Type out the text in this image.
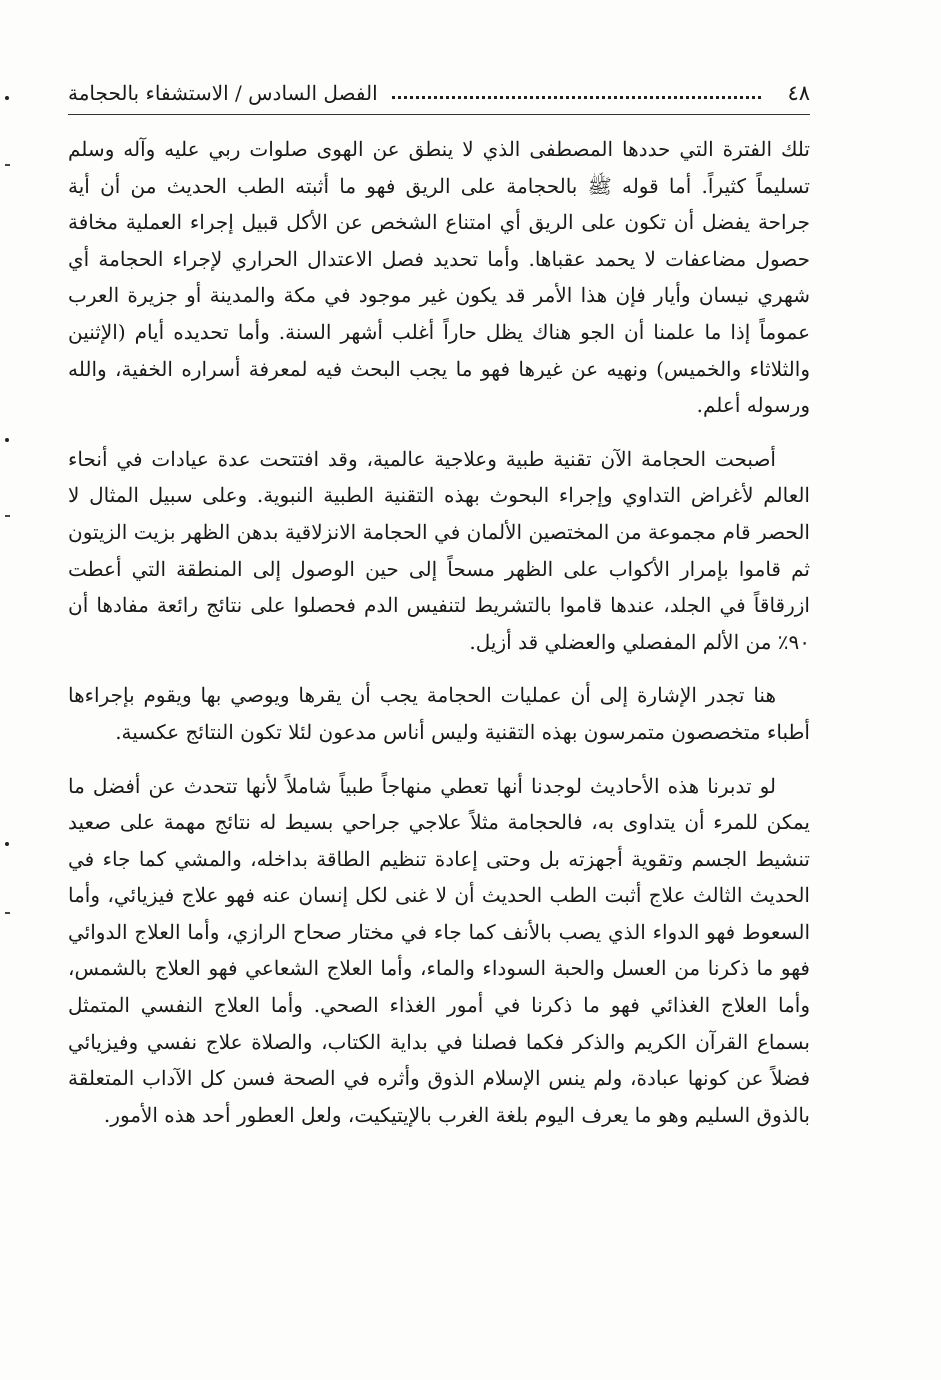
٤٨
الفصل السادس / الاستشفاء بالحجامة

تلك الفترة التي حددها المصطفى الذي لا ينطق عن الهوى صلوات ربي عليه وآله وسلم تسليماً كثيراً. أما قوله ﷺ بالحجامة على الريق فهو ما أثبته الطب الحديث من أن أية جراحة يفضل أن تكون على الريق أي امتناع الشخص عن الأكل قبيل إجراء العملية مخافة حصول مضاعفات لا يحمد عقباها. وأما تحديد فصل الاعتدال الحراري لإجراء الحجامة أي شهري نيسان وأيار فإن هذا الأمر قد يكون غير موجود في مكة والمدينة أو جزيرة العرب عموماً إذا ما علمنا أن الجو هناك يظل حاراً أغلب أشهر السنة. وأما تحديده أيام (الإثنين والثلاثاء والخميس) ونهيه عن غيرها فهو ما يجب البحث فيه لمعرفة أسراره الخفية، والله ورسوله أعلم.

أصبحت الحجامة الآن تقنية طبية وعلاجية عالمية، وقد افتتحت عدة عيادات في أنحاء العالم لأغراض التداوي وإجراء البحوث بهذه التقنية الطبية النبوية. وعلى سبيل المثال لا الحصر قام مجموعة من المختصين الألمان في الحجامة الانزلاقية بدهن الظهر بزيت الزيتون ثم قاموا بإمرار الأكواب على الظهر مسحاً إلى حين الوصول إلى المنطقة التي أعطت ازرقاقاً في الجلد، عندها قاموا بالتشريط لتنفيس الدم فحصلوا على نتائج رائعة مفادها أن ٩٠٪ من الألم المفصلي والعضلي قد أزيل.

هنا تجدر الإشارة إلى أن عمليات الحجامة يجب أن يقرها ويوصي بها ويقوم بإجراءها أطباء متخصصون متمرسون بهذه التقنية وليس أناس مدعون لئلا تكون النتائج عكسية.

لو تدبرنا هذه الأحاديث لوجدنا أنها تعطي منهاجاً طبياً شاملاً لأنها تتحدث عن أفضل ما يمكن للمرء أن يتداوى به، فالحجامة مثلاً علاجي جراحي بسيط له نتائج مهمة على صعيد تنشيط الجسم وتقوية أجهزته بل وحتى إعادة تنظيم الطاقة بداخله، والمشي كما جاء في الحديث الثالث علاج أثبت الطب الحديث أن لا غنى لكل إنسان عنه فهو علاج فيزيائي، وأما السعوط فهو الدواء الذي يصب بالأنف كما جاء في مختار صحاح الرازي، وأما العلاج الدوائي فهو ما ذكرنا من العسل والحبة السوداء والماء، وأما العلاج الشعاعي فهو العلاج بالشمس، وأما العلاج الغذائي فهو ما ذكرنا في أمور الغذاء الصحي. وأما العلاج النفسي المتمثل بسماع القرآن الكريم والذكر فكما فصلنا في بداية الكتاب، والصلاة علاج نفسي وفيزيائي فضلاً عن كونها عبادة، ولم ينس الإسلام الذوق وأثره في الصحة فسن كل الآداب المتعلقة بالذوق السليم وهو ما يعرف اليوم بلغة الغرب بالإيتيكيت، ولعل العطور أحد هذه الأمور.
